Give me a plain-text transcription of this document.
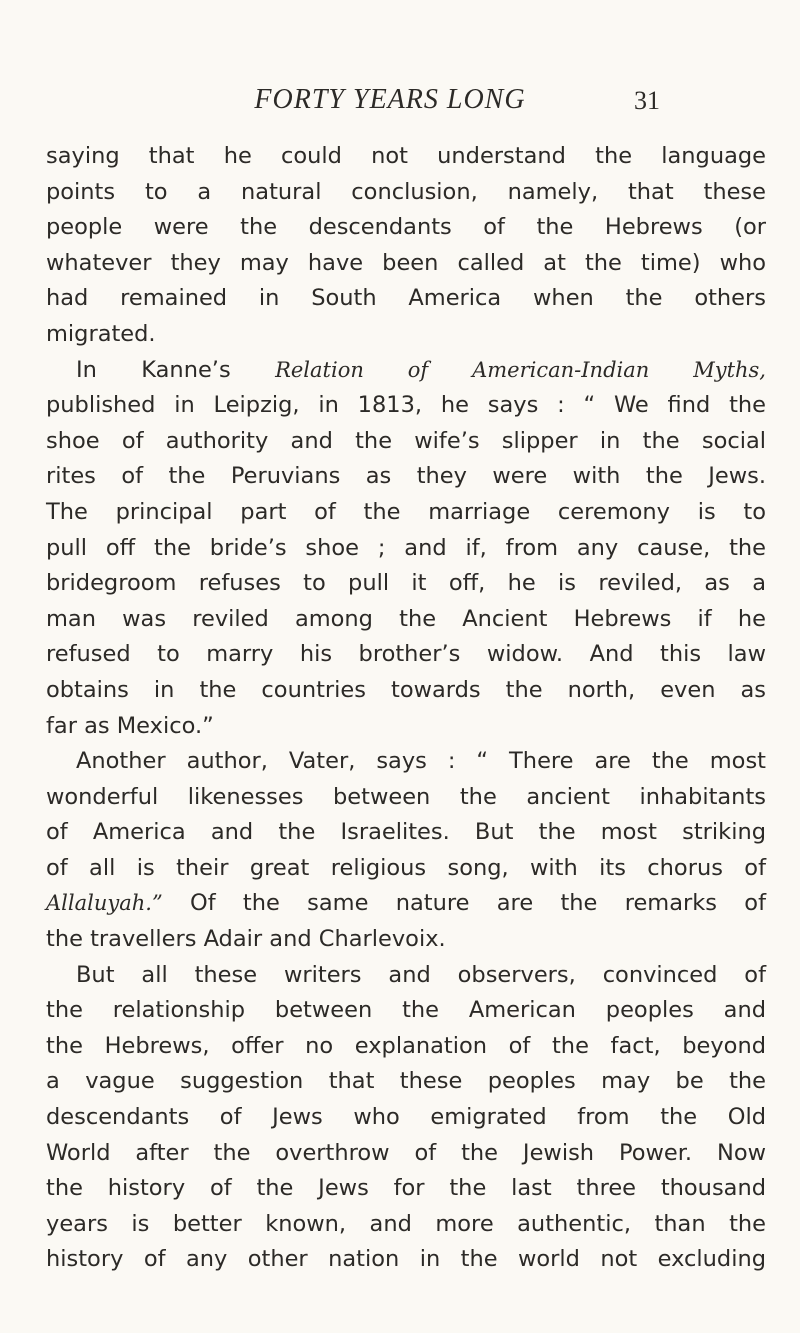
FORTY YEARS LONG	31
saying that he could not understand the language
points to a natural conclusion, namely, that these
people were the descendants of the Hebrews (or
whatever they may have been called at the time) who
had remained in South America when the others
migrated.
In Kanne’s Relation of American-Indian Myths,
published in Leipzig, in 1813, he says : “ We find the
shoe of authority and the wife’s slipper in the social
rites of the Peruvians as they were with the Jews.
The principal part of the marriage ceremony is to
pull off the bride’s shoe ; and if, from any cause, the
bridegroom refuses to pull it off, he is reviled, as a
man was reviled among the Ancient Hebrews if he
refused to marry his brother’s widow. And this law
obtains in the countries towards the north, even as
far as Mexico.”
Another author, Vater, says : “ There are the most
wonderful likenesses between the ancient inhabitants
of America and the Israelites. But the most striking
of all is their great religious song, with its chorus of
Allaluyah.” Of the same nature are the remarks of
the travellers Adair and Charlevoix.
But all these writers and observers, convinced of
the relationship between the American peoples and
the Hebrews, offer no explanation of the fact, beyond
a vague suggestion that these peoples may be the
descendants of Jews who emigrated from the Old
World after the overthrow of the Jewish Power. Now
the history of the Jews for the last three thousand
years is better known, and more authentic, than the
history of any other nation in the world not excluding
